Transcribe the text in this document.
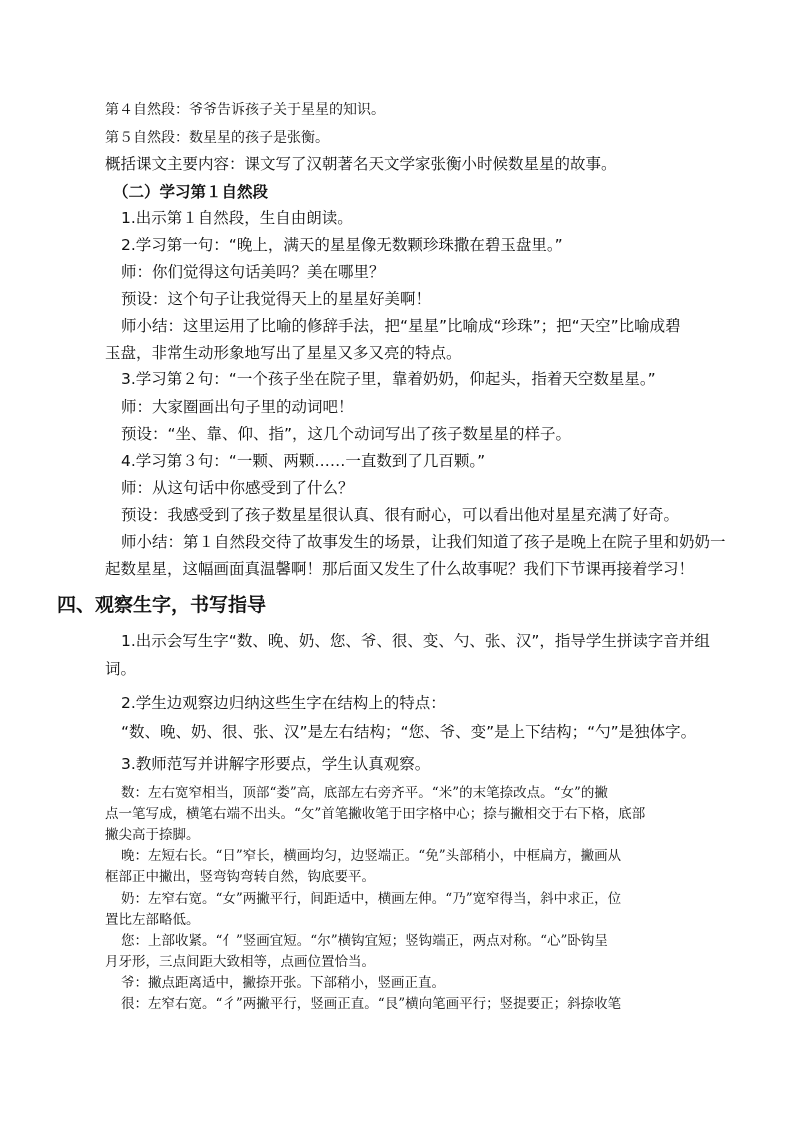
第４自然段：爷爷告诉孩子关于星星的知识。
第５自然段：数星星的孩子是张衡。
概括课文主要内容：课文写了汉朝著名天文学家张衡小时候数星星的故事。
（二）学习第１自然段
1.出示第１自然段，生自由朗读。
2.学习第一句：“晚上，满天的星星像无数颗珍珠撒在碧玉盘里。”
师：你们觉得这句话美吗？美在哪里？
预设：这个句子让我觉得天上的星星好美啊！
师小结：这里运用了比喻的修辞手法，把“星星”比喻成“珍珠”；把“天空”比喻成碧
玉盘，非常生动形象地写出了星星又多又亮的特点。
3.学习第２句：“一个孩子坐在院子里，靠着奶奶，仰起头，指着天空数星星。”
师：大家圈画出句子里的动词吧！
预设：“坐、靠、仰、指”，这几个动词写出了孩子数星星的样子。
4.学习第３句：“一颗、两颗……一直数到了几百颗。”
师：从这句话中你感受到了什么？
预设：我感受到了孩子数星星很认真、很有耐心，可以看出他对星星充满了好奇。
师小结：第１自然段交待了故事发生的场景，让我们知道了孩子是晚上在院子里和奶奶一
起数星星，这幅画面真温馨啊！那后面又发生了什么故事呢？我们下节课再接着学习！
四、观察生字，书写指导
1.出示会写生字“数、晚、奶、您、爷、很、变、勺、张、汉”，指导学生拼读字音并组
词。
2.学生边观察边归纳这些生字在结构上的特点：
“数、晚、奶、很、张、汉”是左右结构；“您、爷、变”是上下结构；“勺”是独体字。
3.教师范写并讲解字形要点，学生认真观察。
数：左右宽窄相当，顶部“娄”高，底部左右旁齐平。“米”的末笔捺改点。“女”的撇
点一笔写成，横笔右端不出头。“攵”首笔撇收笔于田字格中心；捺与撇相交于右下格，底部
撇尖高于捺脚。
晚：左短右长。“日”窄长，横画均匀，边竖端正。“免”头部稍小，中框扁方，撇画从
框部正中撇出，竖弯钩弯转自然，钩底要平。
奶：左窄右宽。“女”两撇平行，间距适中，横画左伸。“乃”宽窄得当，斜中求正，位
置比左部略低。
您：上部收紧。“亻”竖画宜短。“尔”横钩宜短；竖钩端正，两点对称。“心”卧钩呈
月牙形，三点间距大致相等，点画位置恰当。
爷：撇点距离适中，撇捺开张。下部稍小，竖画正直。
很：左窄右宽。“彳”两撇平行，竖画正直。“艮”横向笔画平行；竖提要正；斜捺收笔
